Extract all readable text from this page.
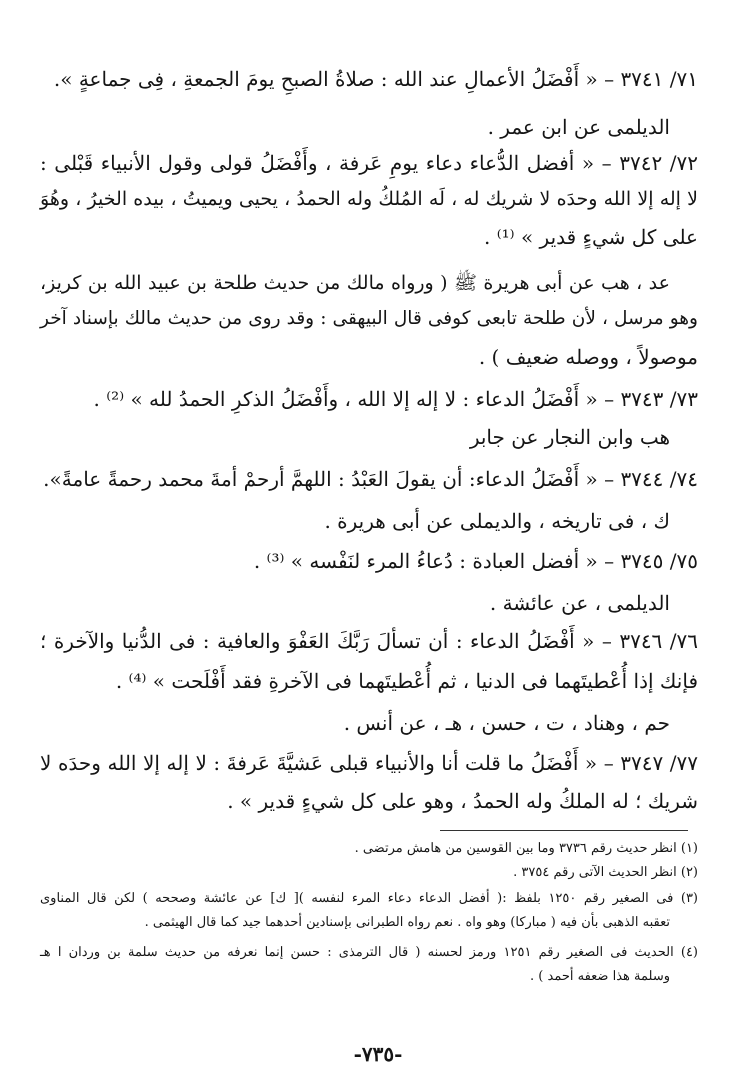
٧١/ ٣٧٤١ – « أَفْضَلُ الأعمالِ عند الله : صلاةُ الصبحِ يومَ الجمعةِ ، فِى جماعةٍ ».
الديلمى عن ابن عمر .
٧٢/ ٣٧٤٢ – « أفضل الدُّعاء دعاء يومِ عَرفة ، وأَفْضَلُ قولى وقول الأنبياء قَبْلى :
لا إله إلا الله وحدَه لا شريك له ، لَه المُلكُ وله الحمدُ ، يحيى ويميتُ ، بيده الخيرُ ، وهُوَ
على كل شيءٍ قدير » ⁽¹⁾ .
عد ، هب عن أبى هريرة ﷺ ( ورواه مالك من حديث طلحة بن عبيد الله بن كريز،
وهو مرسل ، لأن طلحة تابعى كوفى قال البيهقى : وقد روى من حديث مالك بإسناد آخر
موصولاً ، ووصله ضعيف ) .
٧٣/ ٣٧٤٣ – « أَفْضَلُ الدعاء : لا إله إلا الله ، وأَفْضَلُ الذكرِ الحمدُ لله » ⁽²⁾ .
هب وابن النجار عن جابر
٧٤/ ٣٧٤٤ – « أَفْضَلُ الدعاء: أن يقولَ العَبْدُ : اللهمَّ أرحمْ أمةَ محمد رحمةً عامةً».
ك ، فى تاريخه ، والديملى عن أبى هريرة .
٧٥/ ٣٧٤٥ – « أفضل العبادة : دُعاءُ المرء لنَفْسه » ⁽³⁾ .
الديلمى ، عن عائشة .
٧٦/ ٣٧٤٦ – « أَفْضَلُ الدعاء : أن تسألَ رَبَّكَ العَفْوَ والعافية : فى الدُّنيا والآخرة ؛
فإنك إذا أُعْطيتَهما فى الدنيا ، ثم أُعْطيتَهما فى الآخرةِ فقد أَفْلَحت » ⁽⁴⁾ .
حم ، وهناد ، ت ، حسن ، هـ ، عن أنس .
٧٧/ ٣٧٤٧ – « أَفْضَلُ ما قلت أنا والأنبياء قبلى عَشيَّةَ عَرفةَ : لا إله إلا الله وحدَه لا
شريك ؛ له الملكُ وله الحمدُ ، وهو على كل شيءٍ قدير » .
(١) انظر حديث رقم ٣٧٣٦ وما بين القوسين من هامش مرتضى .
(٢) انظر الحديث الآتى رقم ٣٧٥٤ .
(٣) فى الصغير رقم ١٢٥٠ بلفظ :( أفضل الدعاء دعاء المرء لنفسه )[ ك] عن عائشة وصححه ) لكن قال المناوى
تعقبه الذهبى بأن فيه ( مباركا) وهو واه . نعم رواه الطبرانى بإسنادين أحدهما جيد كما قال الهيثمى .
(٤) الحديث فى الصغير رقم ١٢٥١ ورمز لحسنه ( قال الترمذى : حسن إنما نعرفه من حديث سلمة بن وردان ا هـ
وسلمة هذا ضعفه أحمد ) .
-٧٣٥-
